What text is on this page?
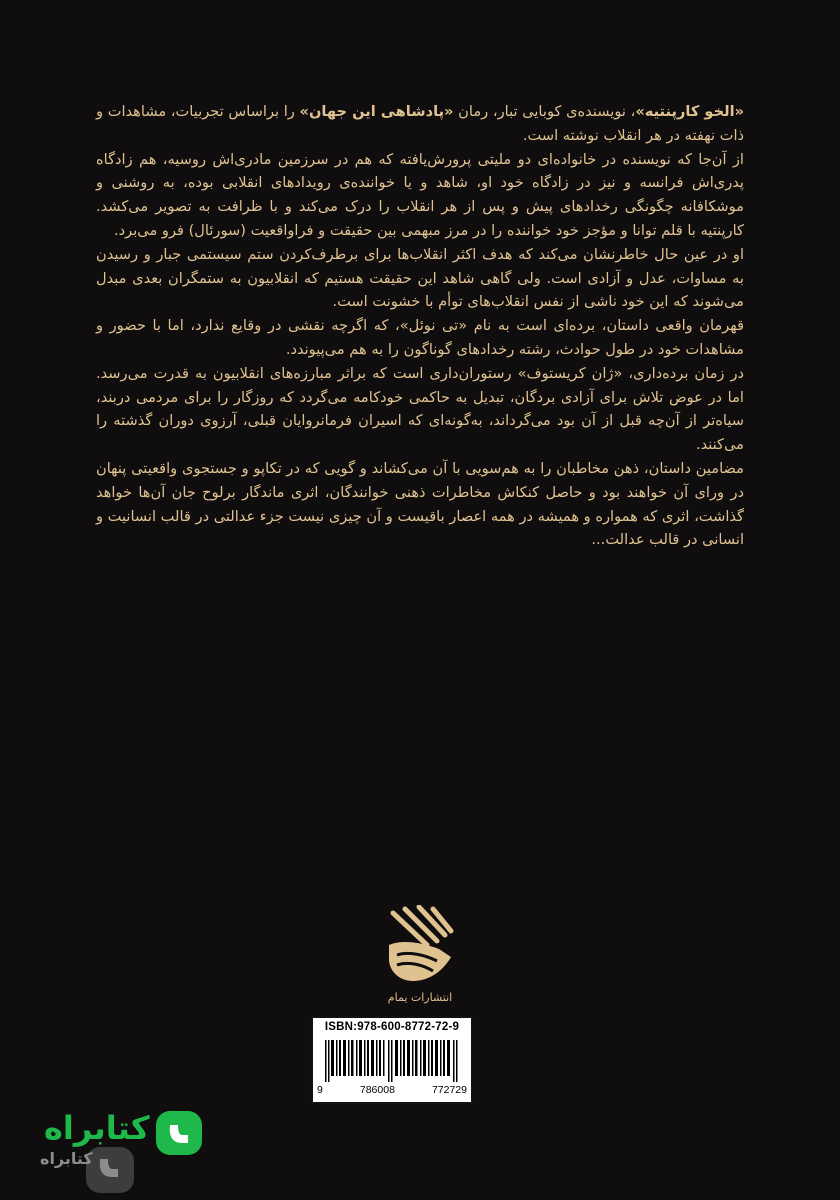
«الخو کارپنتیه»، نویسنده‌ی کوبایی تبار، رمان «پادشاهی این جهان» را براساس تجربیات، مشاهدات و ذات نهفته در هر انقلاب نوشته است.

از آن‌جا که نویسنده در خانواده‌ای دو ملیتی پرورش‌یافته که هم در سرزمین مادری‌اش روسیه، هم زادگاه پدری‌اش فرانسه و نیز در زادگاه خود او، شاهد و یا خواننده‌ی رویدادهای انقلابی بوده، به روشنی و موشکافانه چگونگی رخدادهای پیش و پس از هر انقلاب را درک می‌کند و با ظرافت به تصویر می‌کشد. کارپنتیه با قلم توانا و مؤجز خود خواننده را در مرز مبهمی بین حقیقت و فراواقعیت (سورئال) فرو می‌برد.

او در عین حال خاطرنشان می‌کند که هدف اکثر انقلاب‌ها برای برطرف‌کردن ستم سیستمی جبار و رسیدن به مساوات، عدل و آزادی است. ولی گاهی شاهد این حقیقت هستیم که انقلابیون به ستمگران بعدی مبدل می‌شوند که این خود ناشی از نفس انقلاب‌های توأم با خشونت است.

قهرمان واقعی داستان، برده‌ای است به نام «تی نوئل»، که اگرچه نقشی در وقایع ندارد، اما با حضور و مشاهدات خود در طول حوادث، رشته رخدادهای گوناگون را به هم می‌پیوندد.

در زمان برده‌داری، «ژان کریستوف» رستوران‌داری است که براثر مبارزه‌های انقلابیون به قدرت می‌رسد. اما در عوض تلاش برای آزادی بردگان، تبدیل به حاکمی خودکامه می‌گردد که روزگار را برای مردمی دربند، سیاه‌تر از آن‌چه قبل از آن بود می‌گرداند، به‌گونه‌ای که اسیران فرمانروایان قبلی، آرزوی دوران گذشته را می‌کنند.

مضامین داستان، ذهن مخاطبان را به هم‌سویی با آن می‌کشاند و گویی که در تکاپو و جستجوی واقعیتی پنهان در ورای آن خواهند بود و حاصل کنکاش مخاطرات ذهنی خوانندگان، اثری ماندگار برلوح جان آن‌ها خواهد گذاشت، اثری که همواره و همیشه در همه اعصار باقیست و آن چیزی نیست جزء عدالتی در قالب انسانیت و انسانی در قالب عدالت...

انتشارات یمام
ISBN:978-600-8772-72-9
9	786008	772729
کتابراه
کتابراه
